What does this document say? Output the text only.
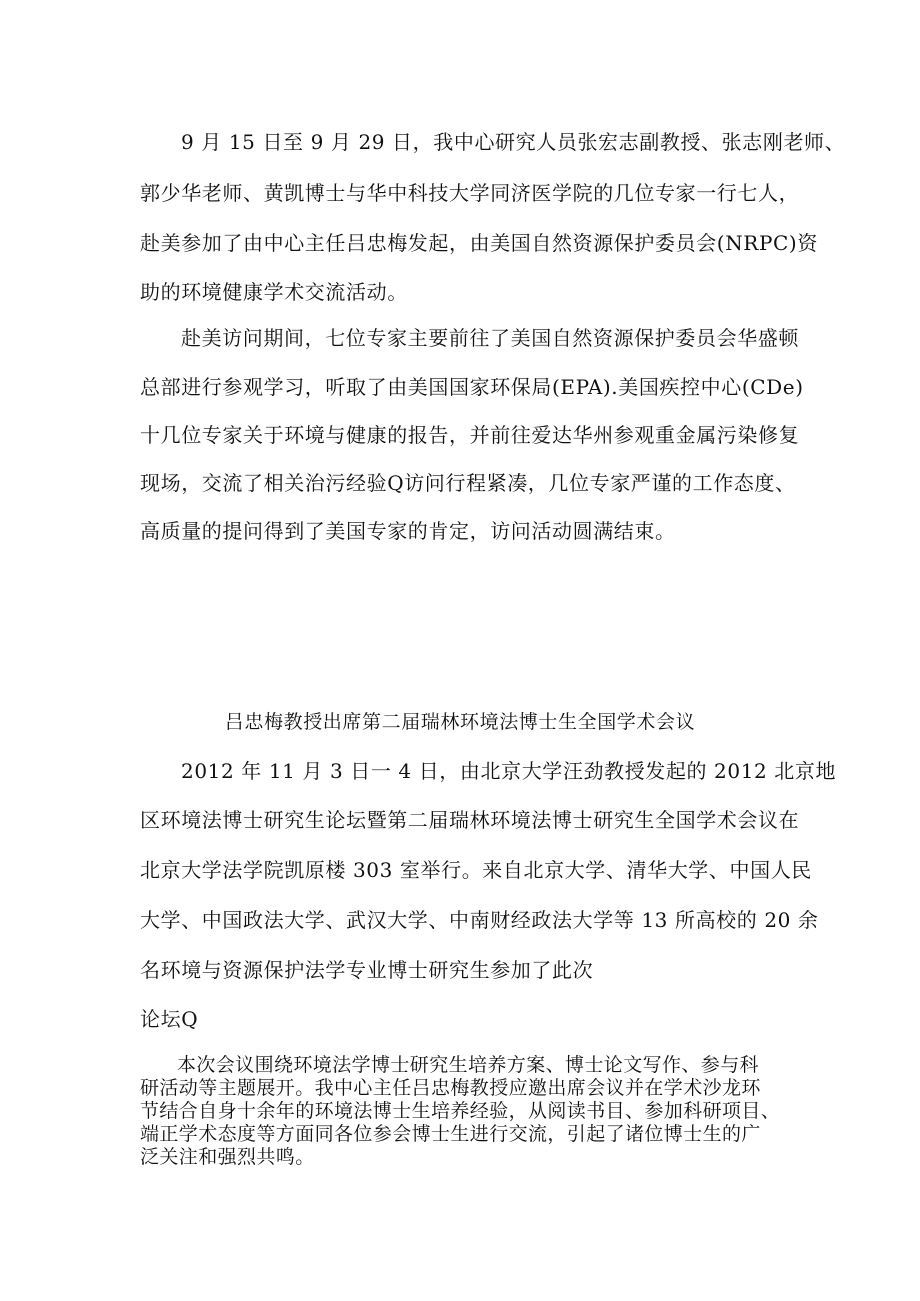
9 月 15 日至 9 月 29 日，我中心研究人员张宏志副教授、张志刚老师、
郭少华老师、黄凯博士与华中科技大学同济医学院的几位专家一行七人，
赴美参加了由中心主任吕忠梅发起，由美国自然资源保护委员会(NRPC)资
助的环境健康学术交流活动。
赴美访问期间，七位专家主要前往了美国自然资源保护委员会华盛顿
总部进行参观学习，听取了由美国国家环保局(EPA).美国疾控中心(CDe)
十几位专家关于环境与健康的报告，并前往爱达华州参观重金属污染修复
现场，交流了相关治污经验Q访问行程紧凑，几位专家严谨的工作态度、
高质量的提问得到了美国专家的肯定，访问活动圆满结束。
吕忠梅教授出席第二届瑞林环境法博士生全国学术会议
2012 年 11 月 3 日一 4 日，由北京大学汪劲教授发起的 2012 北京地
区环境法博士研究生论坛暨第二届瑞林环境法博士研究生全国学术会议在
北京大学法学院凯原楼 303 室举行。来自北京大学、清华大学、中国人民
大学、中国政法大学、武汉大学、中南财经政法大学等 13 所高校的 20 余
名环境与资源保护法学专业博士研究生参加了此次
论坛Q
本次会议围绕环境法学博士研究生培养方案、博士论文写作、参与科
研活动等主题展开。我中心主任吕忠梅教授应邀出席会议并在学术沙龙环
节结合自身十余年的环境法博士生培养经验，从阅读书目、参加科研项目、
端正学术态度等方面同各位参会博士生进行交流，引起了诸位博士生的广
泛关注和强烈共鸣。
